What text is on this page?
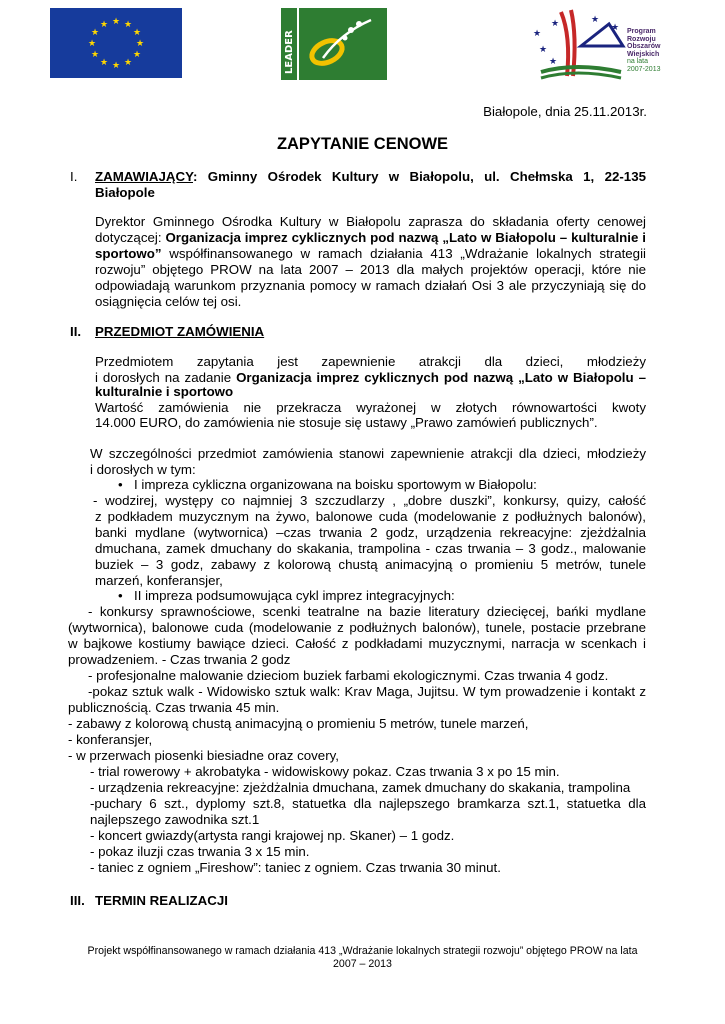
★ ★
★
★
★
★
★
★
★
★
★
★
LEADER	★
★
★
★	★
★ Program
Rozwoju
Obszarów
Wiejskich
na lata 2007-2013
Białopole, dnia 25.11.2013r.
ZAPYTANIE CENOWE
I. ZAMAWIAJĄCY: Gminny Ośrodek Kultury w Białopolu, ul. Chełmska 1, 22-135
Białopole
Dyrektor Gminnego Ośrodka Kultury w Białopolu zaprasza do składania oferty cenowej
dotyczącej: Organizacja imprez cyklicznych pod nazwą „Lato w Białopolu – kulturalnie i
sportowo” współfinansowanego w ramach działania 413 „Wdrażanie lokalnych strategii
rozwoju” objętego PROW na lata 2007 – 2013 dla małych projektów operacji, które nie
odpowiadają warunkom przyznania pomocy w ramach działań Osi 3 ale przyczyniają się do
osiągnięcia celów tej osi.
II. PRZEDMIOT ZAMÓWIENIA
Przedmiotem zapytania jest zapewnienie atrakcji dla dzieci, młodzieży
i dorosłych na zadanie Organizacja imprez cyklicznych pod nazwą „Lato w Białopolu –
kulturalnie i sportowo
Wartość zamówienia nie przekracza wyrażonej w złotych równowartości kwoty
14.000 EURO, do zamówienia nie stosuje się ustawy „Prawo zamówień publicznych”.
W szczególności przedmiot zamówienia stanowi zapewnienie atrakcji dla dzieci, młodzieży
i dorosłych w tym:
• I impreza cykliczna organizowana na boisku sportowym w Białopolu:
- wodzirej, występy co najmniej 3 szczudlarzy , „dobre duszki”, konkursy, quizy, całość
z podkładem muzycznym na żywo, balonowe cuda (modelowanie z podłużnych balonów),
banki mydlane (wytwornica) –czas trwania 2 godz, urządzenia rekreacyjne: zjeżdżalnia
dmuchana, zamek dmuchany do skakania, trampolina - czas trwania – 3 godz., malowanie
buziek – 3 godz, zabawy z kolorową chustą animacyjną o promieniu 5 metrów, tunele
marzeń, konferansjer,
• II impreza podsumowująca cykl imprez integracyjnych:
- konkursy sprawnościowe, scenki teatralne na bazie literatury dziecięcej, bańki mydlane
(wytwornica), balonowe cuda (modelowanie z podłużnych balonów), tunele, postacie przebrane
w bajkowe kostiumy bawiące dzieci. Całość z podkładami muzycznymi, narracja w scenkach i
prowadzeniem. - Czas trwania 2 godz
- profesjonalne malowanie dzieciom buziek farbami ekologicznymi. Czas trwania 4 godz.
-pokaz sztuk walk - Widowisko sztuk walk: Krav Maga, Jujitsu. W tym prowadzenie i kontakt z
publicznością. Czas trwania 45 min.
- zabawy z kolorową chustą animacyjną o promieniu 5 metrów, tunele marzeń,
- konferansjer,
- w przerwach piosenki biesiadne oraz covery,
- trial rowerowy + akrobatyka - widowiskowy pokaz. Czas trwania 3 x po 15 min.
- urządzenia rekreacyjne: zjeżdżalnia dmuchana, zamek dmuchany do skakania, trampolina
-puchary 6 szt., dyplomy szt.8, statuetka dla najlepszego bramkarza szt.1, statuetka dla
najlepszego zawodnika szt.1
- koncert gwiazdy(artysta rangi krajowej np. Skaner) – 1 godz.
- pokaz iluzji czas trwania 3 x 15 min.
- taniec z ogniem „Fireshow”: taniec z ogniem. Czas trwania 30 minut.
III. TERMIN REALIZACJI
Projekt współfinansowanego w ramach działania 413 „Wdrażanie lokalnych strategii rozwoju” objętego PROW na lata
2007 – 2013
